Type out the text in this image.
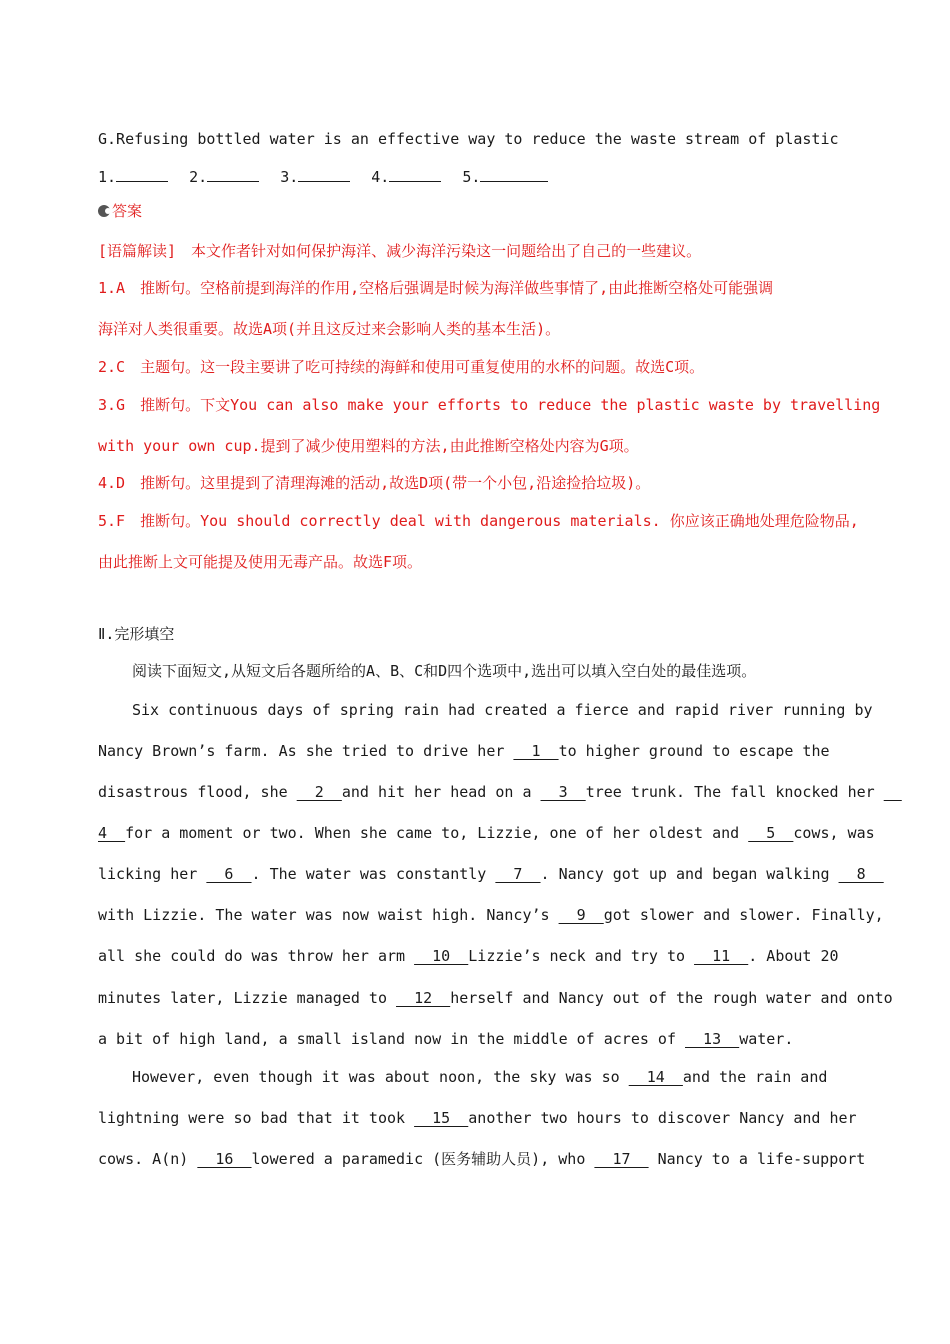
G.Refusing bottled water is an effective way to reduce the waste stream of plastic
1.	2.	3.	4.	5.
答案
[语篇解读]　本文作者针对如何保护海洋、减少海洋污染这一问题给出了自己的一些建议。
1.A　推断句。空格前提到海洋的作用,空格后强调是时候为海洋做些事情了,由此推断空格处可能强调
海洋对人类很重要。故选A项(并且这反过来会影响人类的基本生活)。
2.C　主题句。这一段主要讲了吃可持续的海鲜和使用可重复使用的水杯的问题。故选C项。
3.G　推断句。下文You can also make your efforts to reduce the plastic waste by travelling
with your own cup.提到了减少使用塑料的方法,由此推断空格处内容为G项。
4.D　推断句。这里提到了清理海滩的活动,故选D项(带一个小包,沿途捡拾垃圾)。
5.F　推断句。You should correctly deal with dangerous materials. 你应该正确地处理危险物品,
由此推断上文可能提及使用无毒产品。故选F项。
Ⅱ.完形填空
阅读下面短文,从短文后各题所给的A、B、C和D四个选项中,选出可以填入空白处的最佳选项。
Six continuous days of spring rain had created a fierce and rapid river running by
Nancy Brown’s farm. As she tried to drive her   1  to higher ground to escape the
disastrous flood, she   2  and hit her head on a   3  tree trunk. The fall knocked her
4  for a moment or two. When she came to, Lizzie, one of her oldest and   5  cows, was
licking her   6  . The water was constantly   7  . Nancy got up and began walking   8
with Lizzie. The water was now waist high. Nancy’s   9  got slower and slower. Finally,
all she could do was throw her arm   10  Lizzie’s neck and try to   11  . About 20
minutes later, Lizzie managed to   12  herself and Nancy out of the rough water and onto
a bit of high land, a small island now in the middle of acres of   13  water.
However, even though it was about noon, the sky was so   14  and the rain and
lightning were so bad that it took   15  another two hours to discover Nancy and her
cows. A(n)   16  lowered a paramedic (医务辅助人员), who   17   Nancy to a life-support
